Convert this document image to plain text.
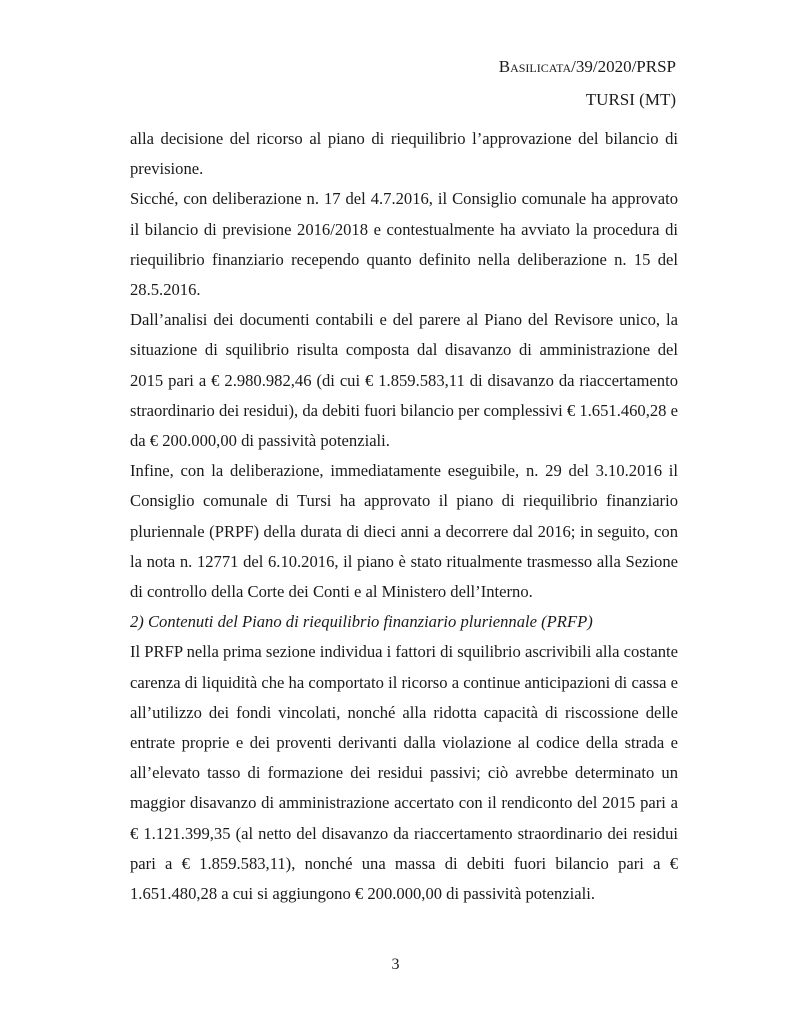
Basilicata/39/2020/PRSP
TURSI (MT)

alla decisione del ricorso al piano di riequilibrio l’approvazione del bilancio di previsione.

Sicché, con deliberazione n. 17 del 4.7.2016, il Consiglio comunale ha approvato il bilancio di previsione 2016/2018 e contestualmente ha avviato la procedura di riequilibrio finanziario recependo quanto definito nella deliberazione n. 15 del 28.5.2016.

Dall’analisi dei documenti contabili e del parere al Piano del Revisore unico, la situazione di squilibrio risulta composta dal disavanzo di amministrazione del 2015 pari a € 2.980.982,46 (di cui € 1.859.583,11 di disavanzo da riaccertamento straordinario dei residui), da debiti fuori bilancio per complessivi € 1.651.460,28 e da € 200.000,00 di passività potenziali.

Infine, con la deliberazione, immediatamente eseguibile, n. 29 del 3.10.2016 il Consiglio comunale di Tursi ha approvato il piano di riequilibrio finanziario pluriennale (PRPF) della durata di dieci anni a decorrere dal 2016; in seguito, con la nota n. 12771 del 6.10.2016, il piano è stato ritualmente trasmesso alla Sezione di controllo della Corte dei Conti e al Ministero dell’Interno.

2) Contenuti del Piano di riequilibrio finanziario pluriennale (PRFP)

Il PRFP nella prima sezione individua i fattori di squilibrio ascrivibili alla costante carenza di liquidità che ha comportato il ricorso a continue anticipazioni di cassa e all’utilizzo dei fondi vincolati, nonché alla ridotta capacità di riscossione delle entrate proprie e dei proventi derivanti dalla violazione al codice della strada e all’elevato tasso di formazione dei residui passivi; ciò avrebbe determinato un maggior disavanzo di amministrazione accertato con il rendiconto del 2015 pari a € 1.121.399,35 (al netto del disavanzo da riaccertamento straordinario dei residui pari a € 1.859.583,11), nonché una massa di debiti fuori bilancio pari a € 1.651.480,28 a cui si aggiungono € 200.000,00 di passività potenziali.

3
